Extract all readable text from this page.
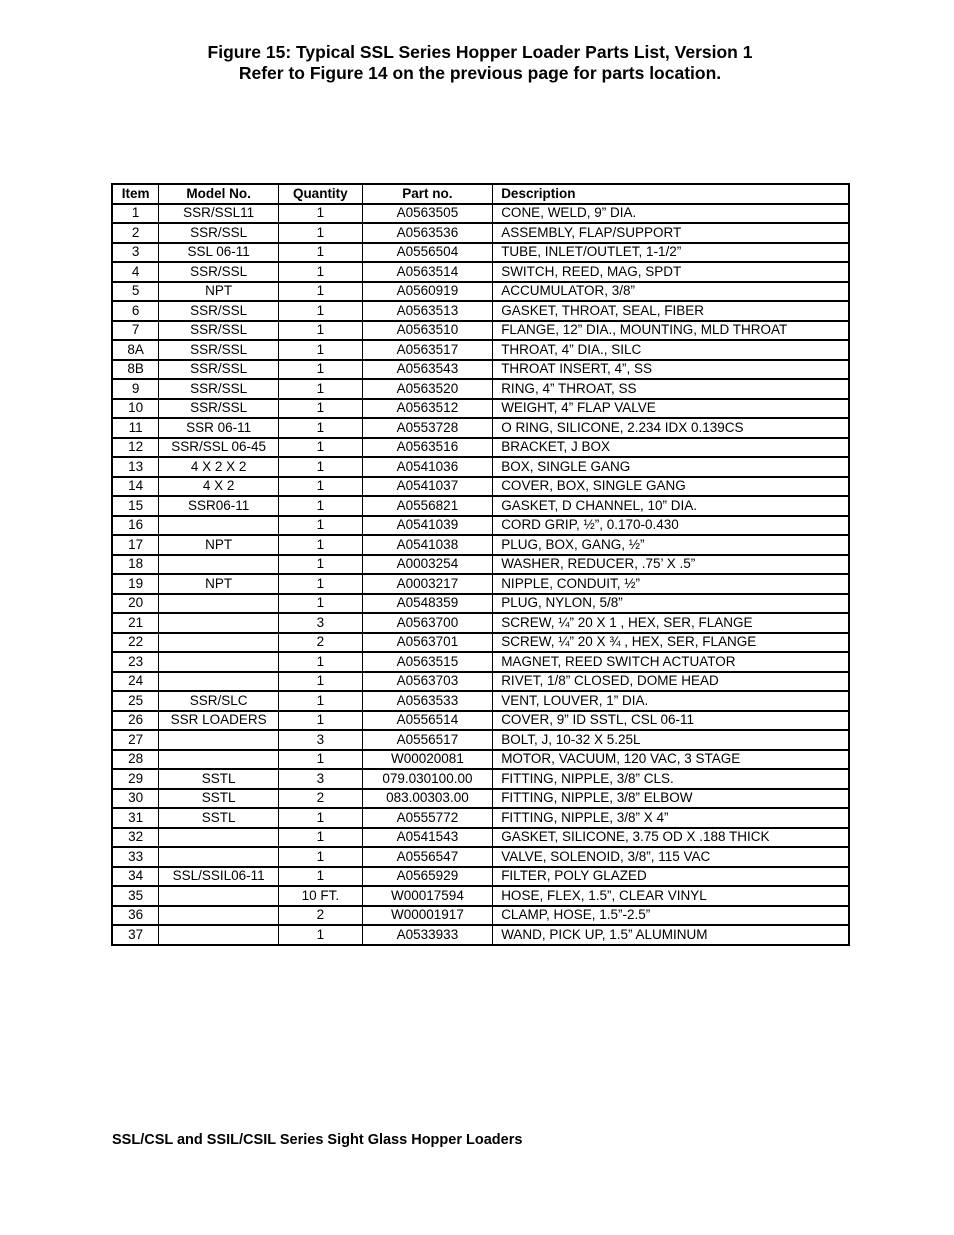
Figure 15: Typical SSL Series Hopper Loader Parts List, Version 1
Refer to Figure 14 on the previous page for parts location.
Item	Model No.	Quantity	Part no.	Description
1	SSR/SSL11	1	A0563505	CONE, WELD, 9” DIA.
2	SSR/SSL	1	A0563536	ASSEMBLY, FLAP/SUPPORT
3	SSL 06-11	1	A0556504	TUBE, INLET/OUTLET, 1-1/2”
4	SSR/SSL	1	A0563514	SWITCH, REED, MAG, SPDT
5	NPT	1	A0560919	ACCUMULATOR, 3/8”
6	SSR/SSL	1	A0563513	GASKET, THROAT, SEAL, FIBER
7	SSR/SSL	1	A0563510	FLANGE, 12” DIA., MOUNTING, MLD THROAT
8A	SSR/SSL	1	A0563517	THROAT, 4” DIA., SILC
8B	SSR/SSL	1	A0563543	THROAT INSERT, 4”, SS
9	SSR/SSL	1	A0563520	RING, 4” THROAT, SS
10	SSR/SSL	1	A0563512	WEIGHT, 4” FLAP VALVE
11	SSR 06-11	1	A0553728	O RING, SILICONE, 2.234 IDX 0.139CS
12	SSR/SSL 06-45	1	A0563516	BRACKET, J BOX
13	4 X 2 X 2	1	A0541036	BOX, SINGLE GANG
14	4 X 2	1	A0541037	COVER, BOX, SINGLE GANG
15	SSR06-11	1	A0556821	GASKET, D CHANNEL, 10” DIA.
16		1	A0541039	CORD GRIP, ½”, 0.170-0.430
17	NPT	1	A0541038	PLUG, BOX, GANG, ½”
18		1	A0003254	WASHER, REDUCER, .75’ X .5”
19	NPT	1	A0003217	NIPPLE, CONDUIT, ½”
20		1	A0548359	PLUG, NYLON, 5/8”
21		3	A0563700	SCREW, ¼” 20 X 1 , HEX, SER, FLANGE
22		2	A0563701	SCREW, ¼” 20 X ¾ , HEX, SER, FLANGE
23		1	A0563515	MAGNET, REED SWITCH ACTUATOR
24		1	A0563703	RIVET, 1/8” CLOSED, DOME HEAD
25	SSR/SLC	1	A0563533	VENT, LOUVER, 1” DIA.
26	SSR LOADERS	1	A0556514	COVER, 9” ID SSTL, CSL 06-11
27		3	A0556517	BOLT, J, 10-32 X 5.25L
28		1	W00020081	MOTOR, VACUUM, 120 VAC, 3 STAGE
29	SSTL	3	079.030100.00	FITTING, NIPPLE, 3/8” CLS.
30	SSTL	2	083.00303.00	FITTING, NIPPLE, 3/8” ELBOW
31	SSTL	1	A0555772	FITTING, NIPPLE, 3/8” X 4”
32		1	A0541543	GASKET, SILICONE, 3.75 OD X .188 THICK
33		1	A0556547	VALVE, SOLENOID, 3/8”, 115 VAC
34	SSL/SSIL06-11	1	A0565929	FILTER, POLY GLAZED
35		10 FT.	W00017594	HOSE, FLEX, 1.5”, CLEAR VINYL
36		2	W00001917	CLAMP, HOSE, 1.5”-2.5”
37		1	A0533933	WAND, PICK UP, 1.5” ALUMINUM
SSL/CSL and SSIL/CSIL Series Sight Glass Hopper Loaders
